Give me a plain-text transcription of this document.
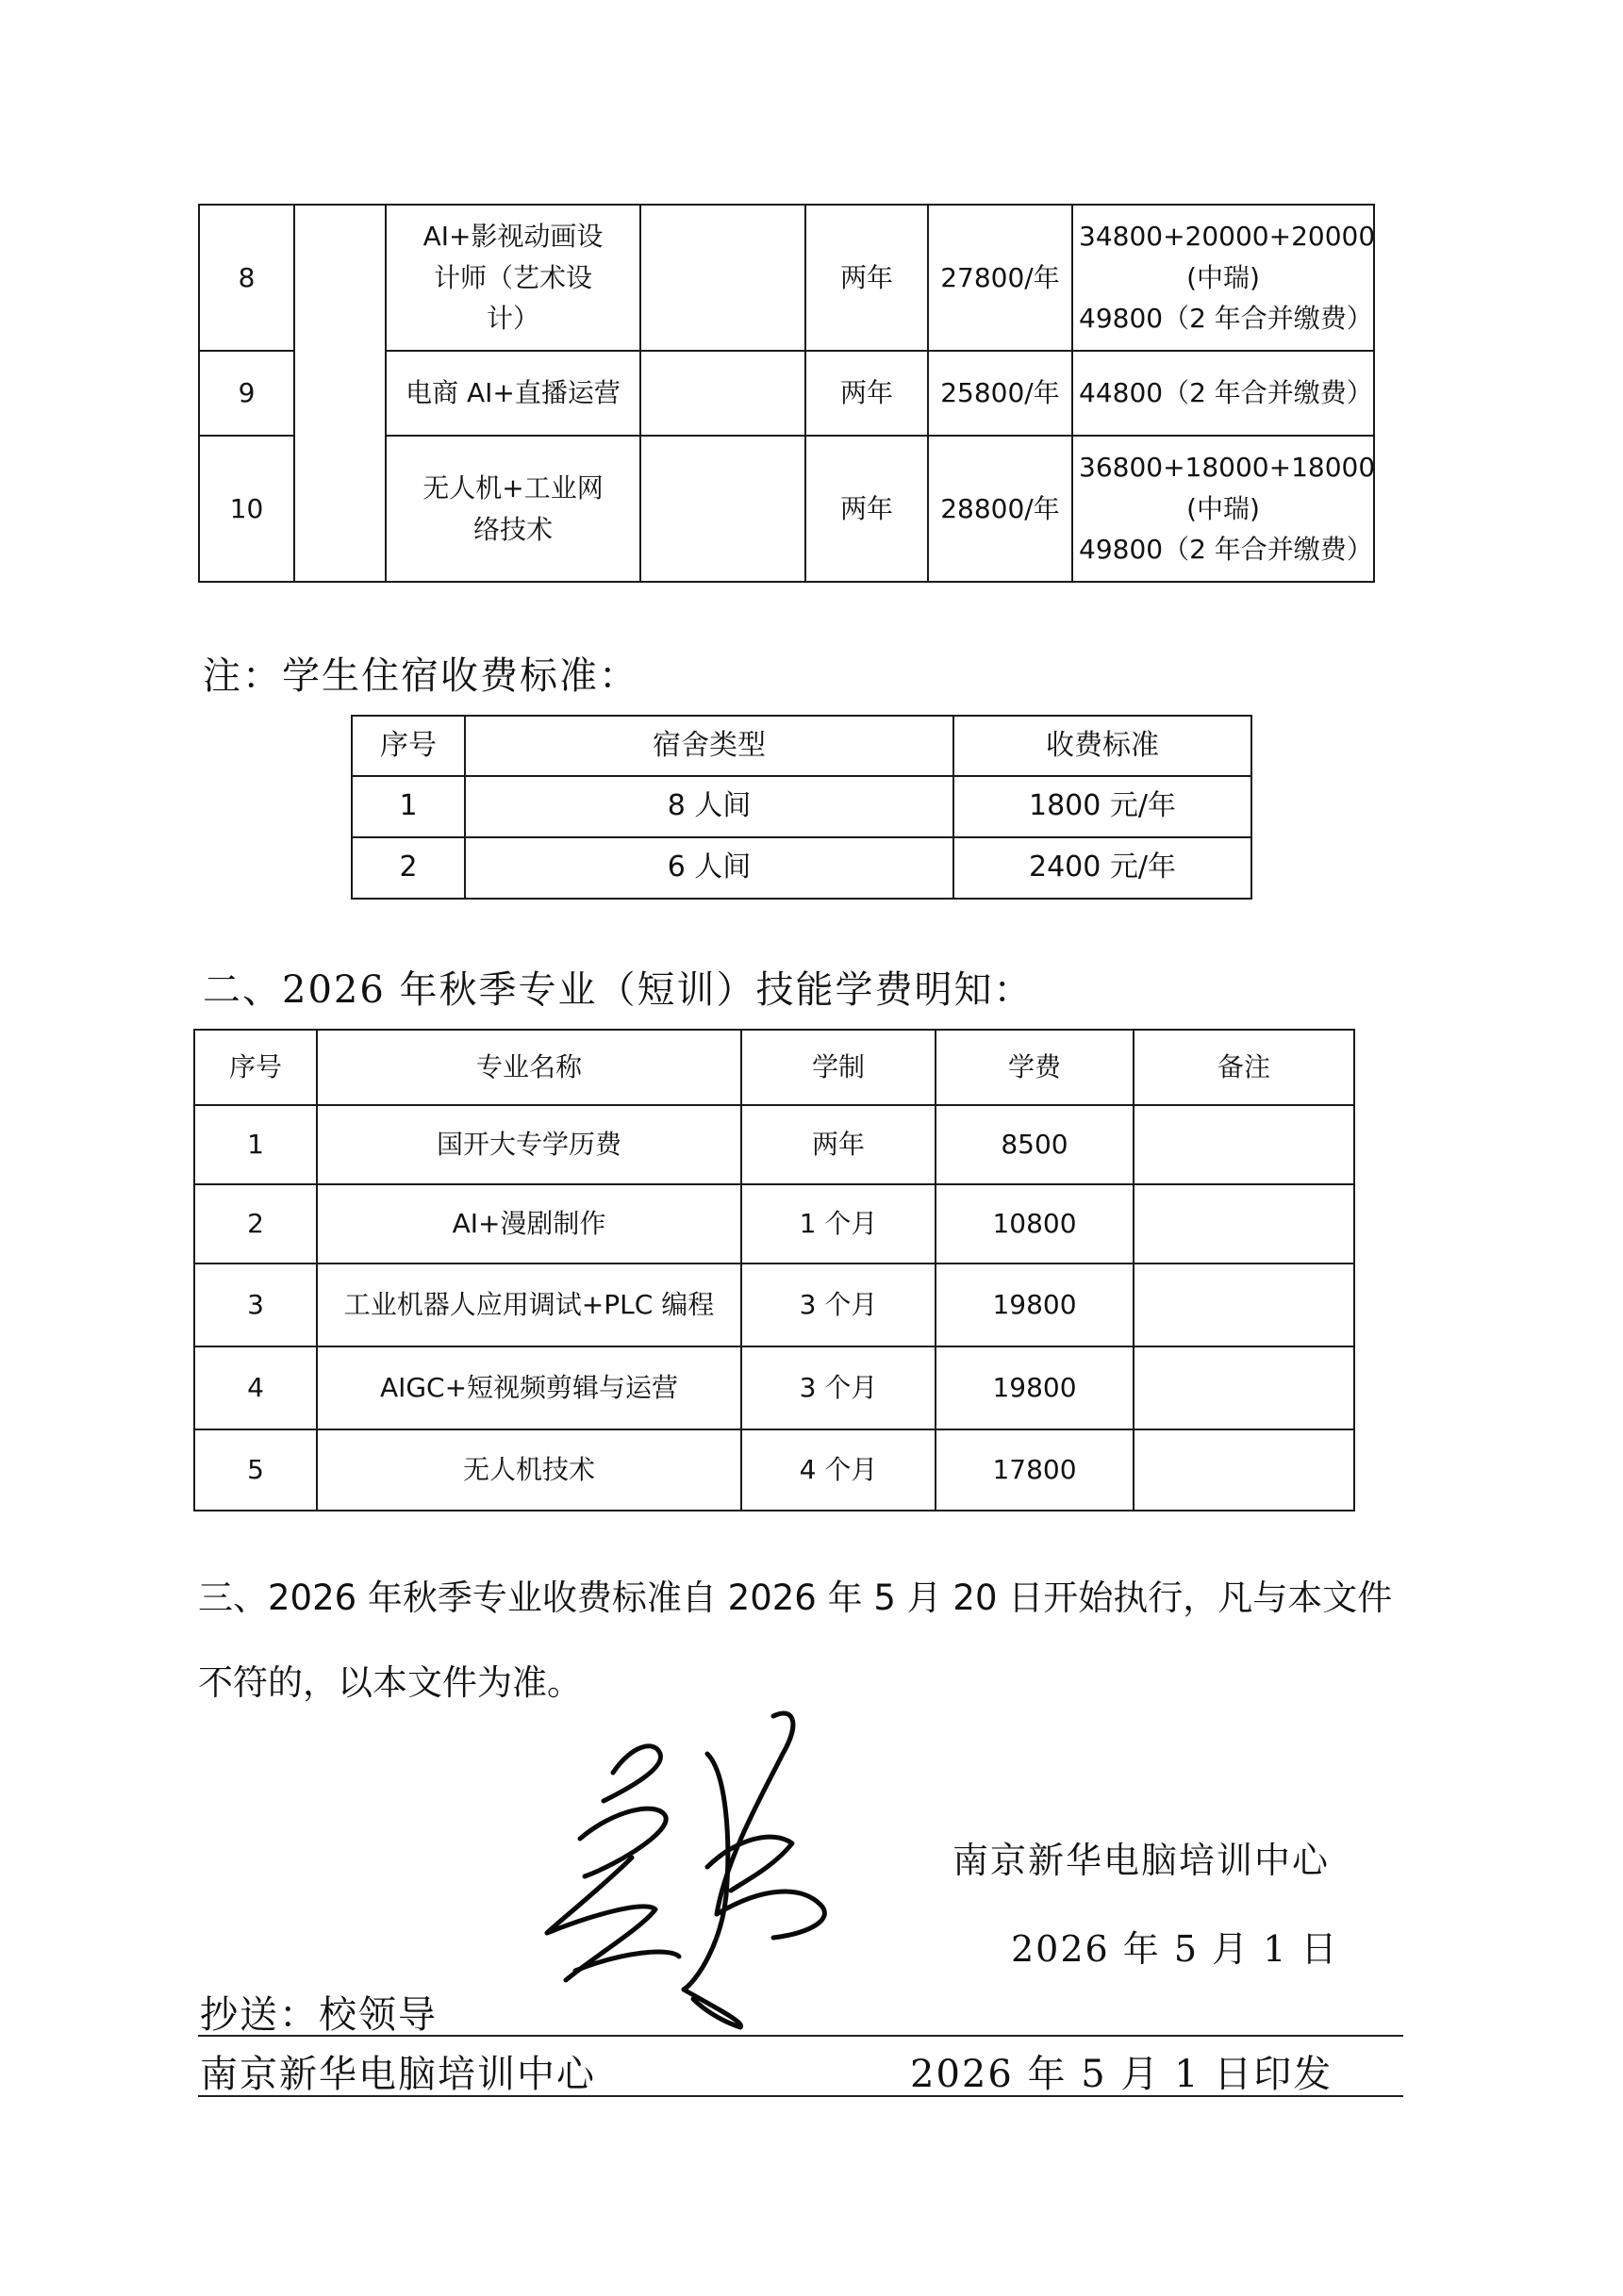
8		AI+影视动画设计师（艺术设计）		两年	27800/年	34800+20000+20000
(中瑞)
49800（2 年合并缴费）

9		电商 AI+直播运营		两年	25800/年	44800（2 年合并缴费）

10		无人机+工业网络技术		两年	28800/年	36800+18000+18000
(中瑞)
49800（2 年合并缴费）

注：学生住宿收费标准：

序号	宿舍类型	收费标准
1	8 人间	1800 元/年
2	6 人间	2400 元/年

二、2026 年秋季专业（短训）技能学费明知：

序号	专业名称	学制	学费	备注
1	国开大专学历费	两年	8500	
2	AI+漫剧制作	1 个月	10800	
3	工业机器人应用调试+PLC 编程	3 个月	19800	
4	AIGC+短视频剪辑与运营	3 个月	19800	
5	无人机技术	4 个月	17800	

三、2026 年秋季专业收费标准自 2026 年 5 月 20 日开始执行，凡与本文件不符的，以本文件为准。

南京新华电脑培训中心
2026 年 5 月 1 日
抄送：校领导
南京新华电脑培训中心	2026 年 5 月 1 日印发
